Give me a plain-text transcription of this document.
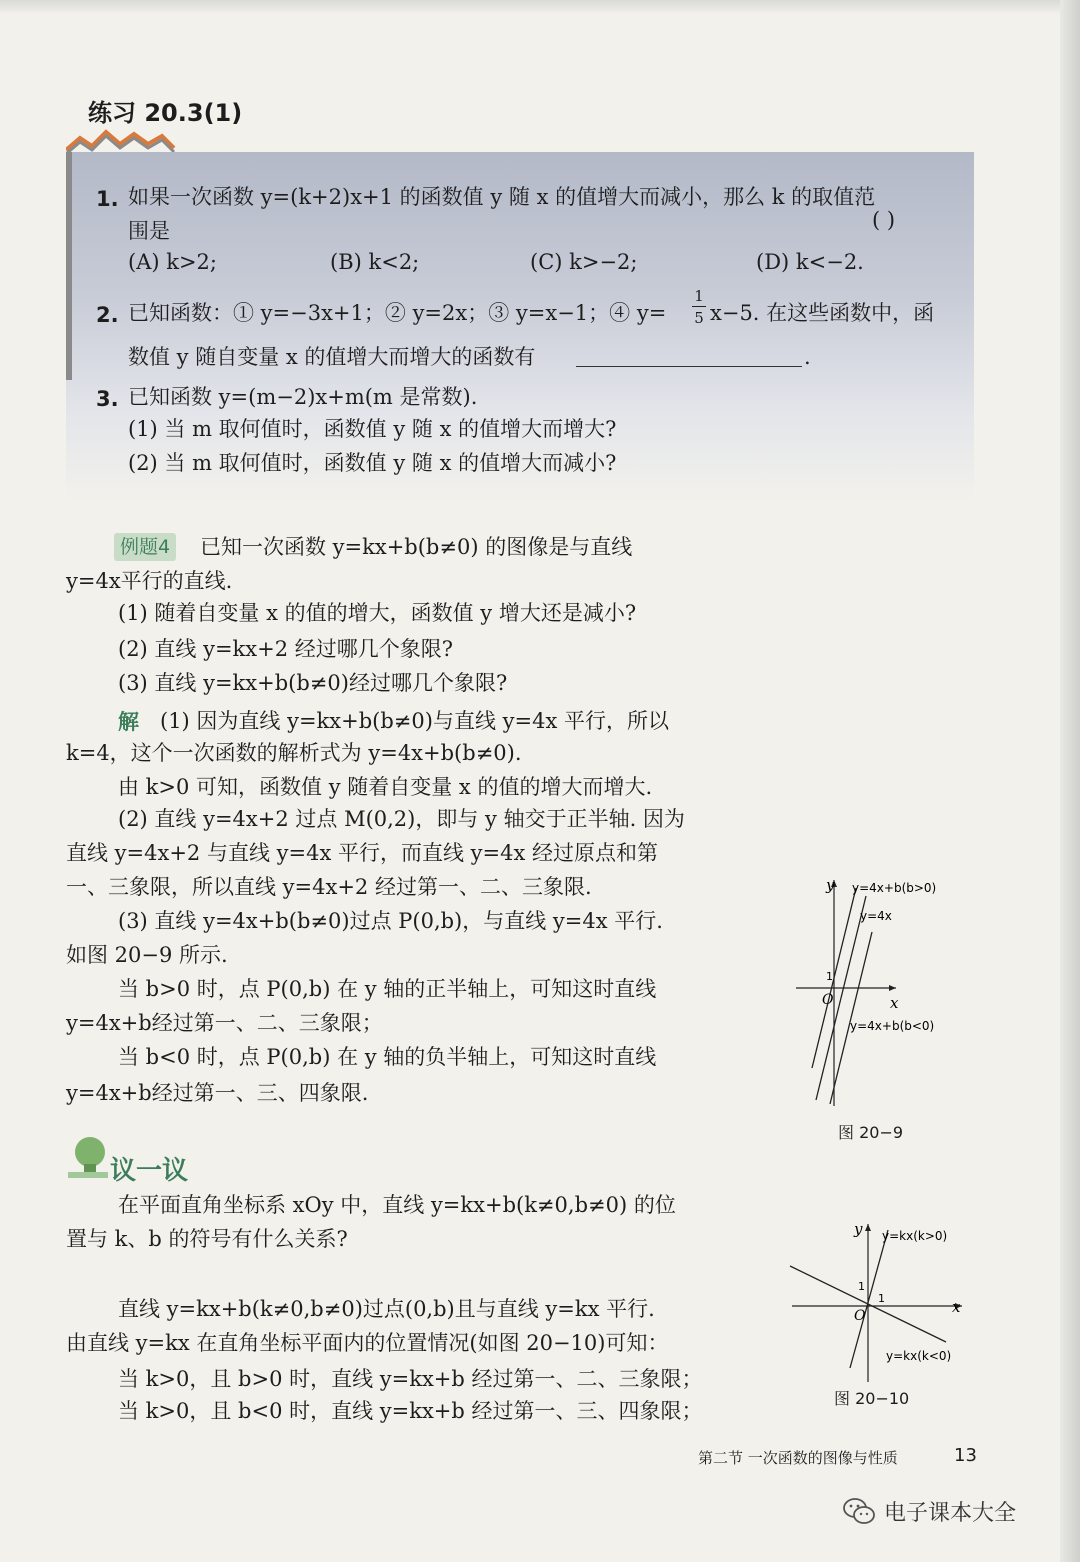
练习 20.3(1)
1. 如果一次函数 y=(k+2)x+1 的函数值 y 随 x 的值增大而减小，那么 k 的取值范
围是	( )
(A) k>2;	(B) k<2;	(C) k>−2;	(D) k<−2.
2. 已知函数：① y=−3x+1；② y=2x；③ y=x−1；④ y=
1
5 x−5. 在这些函数中，函
数值 y 随自变量 x 的值增大而增大的函数有	.
3. 已知函数 y=(m−2)x+m(m 是常数).
(1) 当 m 取何值时，函数值 y 随 x 的值增大而增大?
(2) 当 m 取何值时，函数值 y 随 x 的值增大而减小?
例题4 已知一次函数 y=kx+b(b≠0) 的图像是与直线
y=4x平行的直线.
(1) 随着自变量 x 的值的增大，函数值 y 增大还是减小?
(2) 直线 y=kx+2 经过哪几个象限?
(3) 直线 y=kx+b(b≠0)经过哪几个象限?
解 (1) 因为直线 y=kx+b(b≠0)与直线 y=4x 平行，所以
k=4，这个一次函数的解析式为 y=4x+b(b≠0).
由 k>0 可知，函数值 y 随着自变量 x 的值的增大而增大.
(2) 直线 y=4x+2 过点 M(0,2)，即与 y 轴交于正半轴. 因为
直线 y=4x+2 与直线 y=4x 平行，而直线 y=4x 经过原点和第
一、三象限，所以直线 y=4x+2 经过第一、二、三象限.
(3) 直线 y=4x+b(b≠0)过点 P(0,b)，与直线 y=4x 平行.
如图 20−9 所示.
当 b>0 时，点 P(0,b) 在 y 轴的正半轴上，可知这时直线
y=4x+b经过第一、二、三象限；
当 b<0 时，点 P(0,b) 在 y 轴的负半轴上，可知这时直线
y=4x+b经过第一、三、四象限.
y
x
O
1
y=4x+b(b>0)
y=4x
y=4x+b(b<0)
图 20−9
议一议
在平面直角坐标系 xOy 中，直线 y=kx+b(k≠0,b≠0) 的位
置与 k、b 的符号有什么关系?
直线 y=kx+b(k≠0,b≠0)过点(0,b)且与直线 y=kx 平行.
由直线 y=kx 在直角坐标平面内的位置情况(如图 20−10)可知：
当 k>0，且 b>0 时，直线 y=kx+b 经过第一、二、三象限；
当 k>0，且 b<0 时，直线 y=kx+b 经过第一、三、四象限；
y
x
O
1
1
y=kx(k>0)
y=kx(k<0)
图 20−10
第二节 一次函数的图像与性质	13
电子课本大全
